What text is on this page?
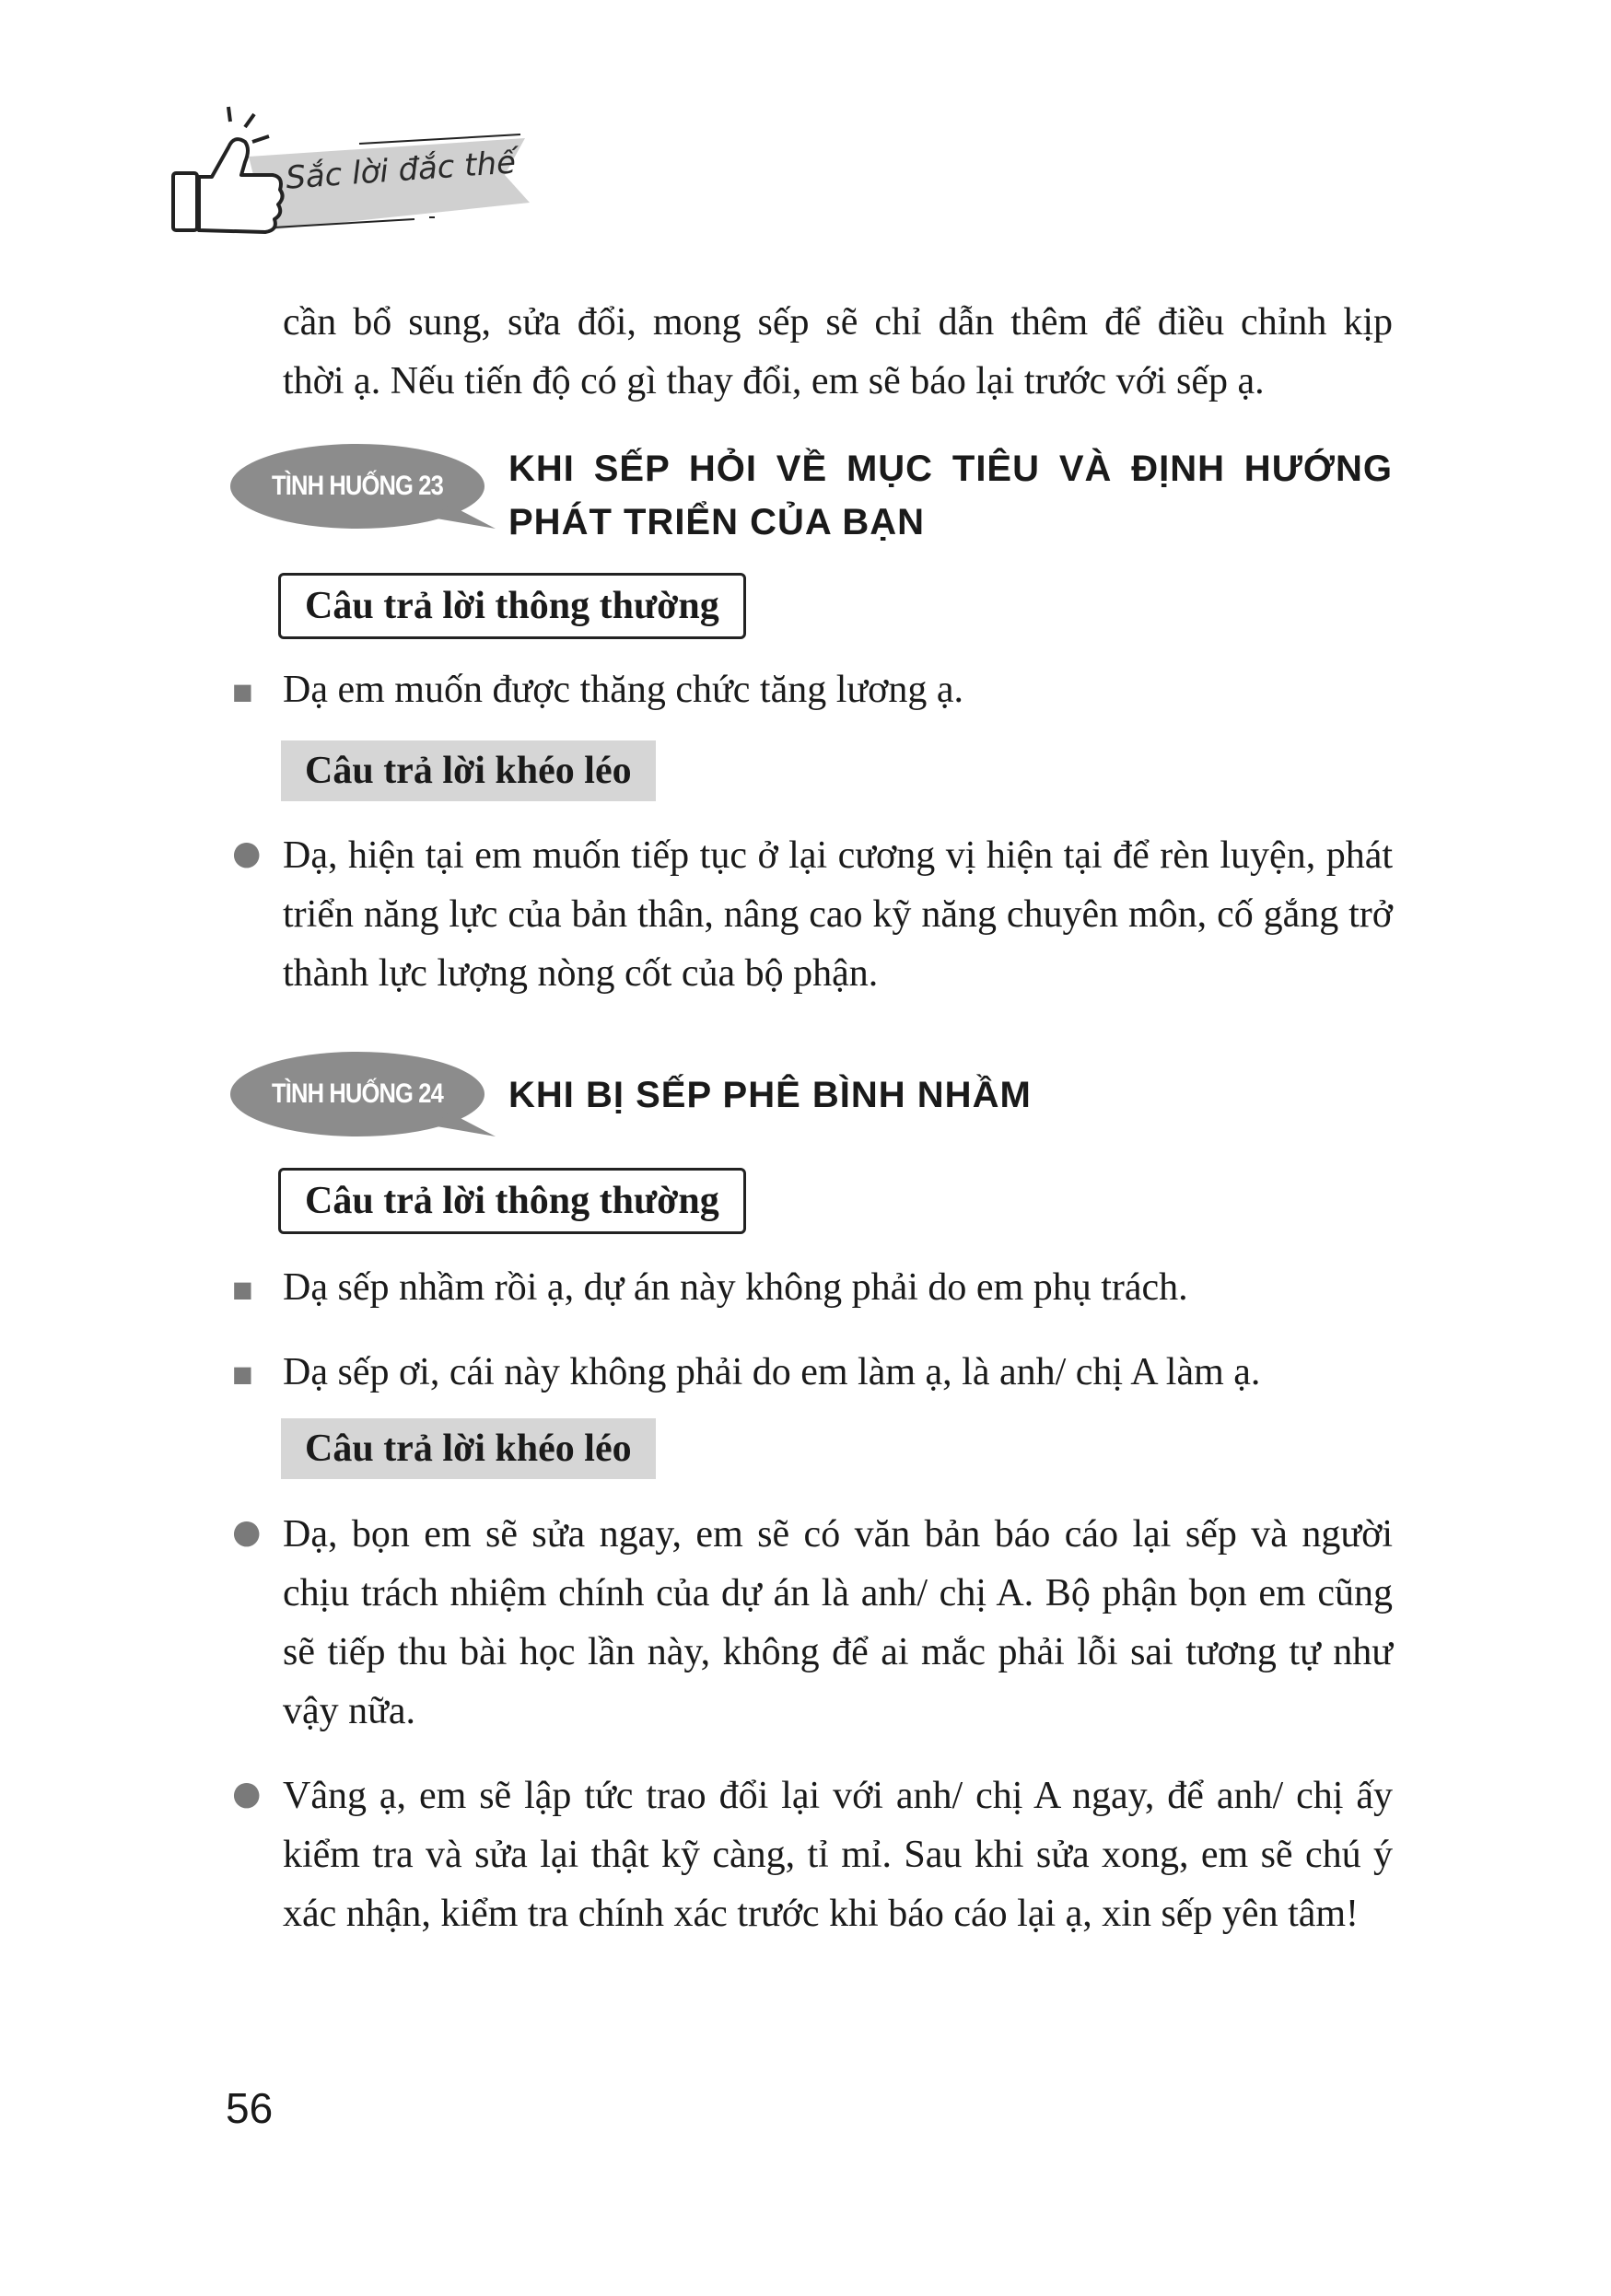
Sắc lời đắc thế

cần bổ sung, sửa đổi, mong sếp sẽ chỉ dẫn thêm để điều chỉnh kịp

thời ạ. Nếu tiến độ có gì thay đổi, em sẽ báo lại trước với sếp ạ.

TÌNH HUỐNG 23	KHI SẾP HỎI VỀ MỤC TIÊU VÀ ĐỊNH HƯỚNG
PHÁT TRIỂN CỦA BẠN
Câu trả lời thông thường
■ Dạ em muốn được thăng chức tăng lương ạ.
Câu trả lời khéo léo
● Dạ, hiện tại em muốn tiếp tục ở lại cương vị hiện tại để rèn luyện, phát triển năng lực của bản thân, nâng cao kỹ năng chuyên môn, cố gắng trở thành lực lượng nòng cốt của bộ phận.
TÌNH HUỐNG 24	KHI BỊ SẾP PHÊ BÌNH NHẦM
Câu trả lời thông thường
■ Dạ sếp nhầm rồi ạ, dự án này không phải do em phụ trách.
■ Dạ sếp ơi, cái này không phải do em làm ạ, là anh/ chị A làm ạ.
Câu trả lời khéo léo
● Dạ, bọn em sẽ sửa ngay, em sẽ có văn bản báo cáo lại sếp và người chịu trách nhiệm chính của dự án là anh/ chị A. Bộ phận bọn em cũng sẽ tiếp thu bài học lần này, không để ai mắc phải lỗi sai tương tự như vậy nữa.
● Vâng ạ, em sẽ lập tức trao đổi lại với anh/ chị A ngay, để anh/ chị ấy kiểm tra và sửa lại thật kỹ càng, tỉ mỉ. Sau khi sửa xong, em sẽ chú ý xác nhận, kiểm tra chính xác trước khi báo cáo lại ạ, xin sếp yên tâm!
56
